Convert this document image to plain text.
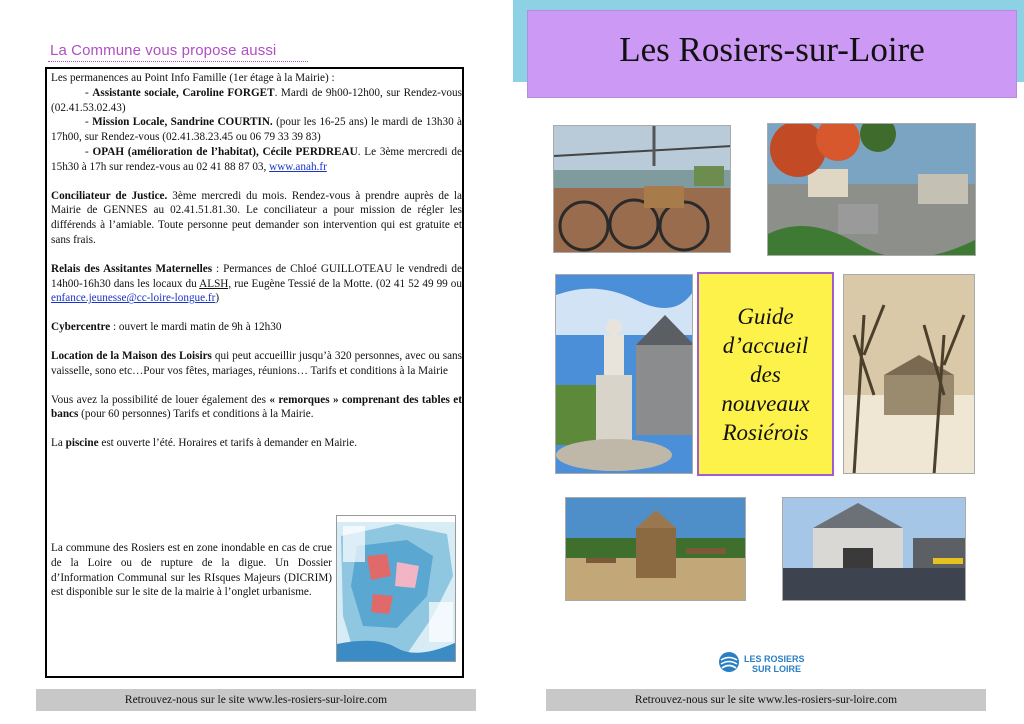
La Commune vous propose aussi
Les permanences au Point Info Famille (1er étage à la Mairie) :
- Assistante sociale, Caroline FORGET. Mardi de 9h00-12h00, sur Rendez-vous (02.41.53.02.43)
- Mission Locale, Sandrine COURTIN. (pour les 16-25 ans) le mardi de 13h30 à 17h00, sur Rendez-vous (02.41.38.23.45 ou 06 79 33 39 83)
- OPAH (amélioration de l’habitat), Cécile PERDREAU. Le 3ème mercredi de 15h30 à 17h sur rendez-vous au 02 41 88 87 03, www.anah.fr
Conciliateur de Justice. 3ème mercredi du mois. Rendez-vous à prendre auprès de la Mairie de GENNES au 02.41.51.81.30. Le conciliateur a pour mission de régler les différends à l’amiable. Toute personne peut demander son intervention qui est gratuite et sans frais.
Relais des Assitantes Maternelles : Permances de Chloé GUILLOTEAU le vendredi de 14h00-16h30 dans les locaux du ALSH, rue Eugène Tessié de la Motte. (02 41 52 49 99 ou enfance.jeunesse@cc-loire-longue.fr)
Cybercentre : ouvert le mardi matin de 9h à 12h30
Location de la Maison des Loisirs qui peut accueillir jusqu’à 320 personnes, avec ou sans vaisselle, sono etc…Pour vos fêtes, mariages, réunions… Tarifs et conditions à la Mairie
Vous avez la possibilité de louer également des « remorques » comprenant des tables et bancs (pour 60 personnes) Tarifs et conditions à la Mairie.
La piscine est ouverte l’été. Horaires et tarifs à demander en Mairie.
La commune des Rosiers est en zone inondable en cas de crue de la Loire ou de rupture de la digue. Un Dossier d’Information Communal sur les RIsques Majeurs (DICRIM) est disponible sur le site de la mairie à l’onglet urbanisme.
Retrouvez-nous sur le site www.les-rosiers-sur-loire.com
Les Rosiers-sur-Loire
Guide
d’accueil
des
nouveaux
Rosiérois
LES ROSIERS
SUR LOIRE
Retrouvez-nous sur le site www.les-rosiers-sur-loire.com
